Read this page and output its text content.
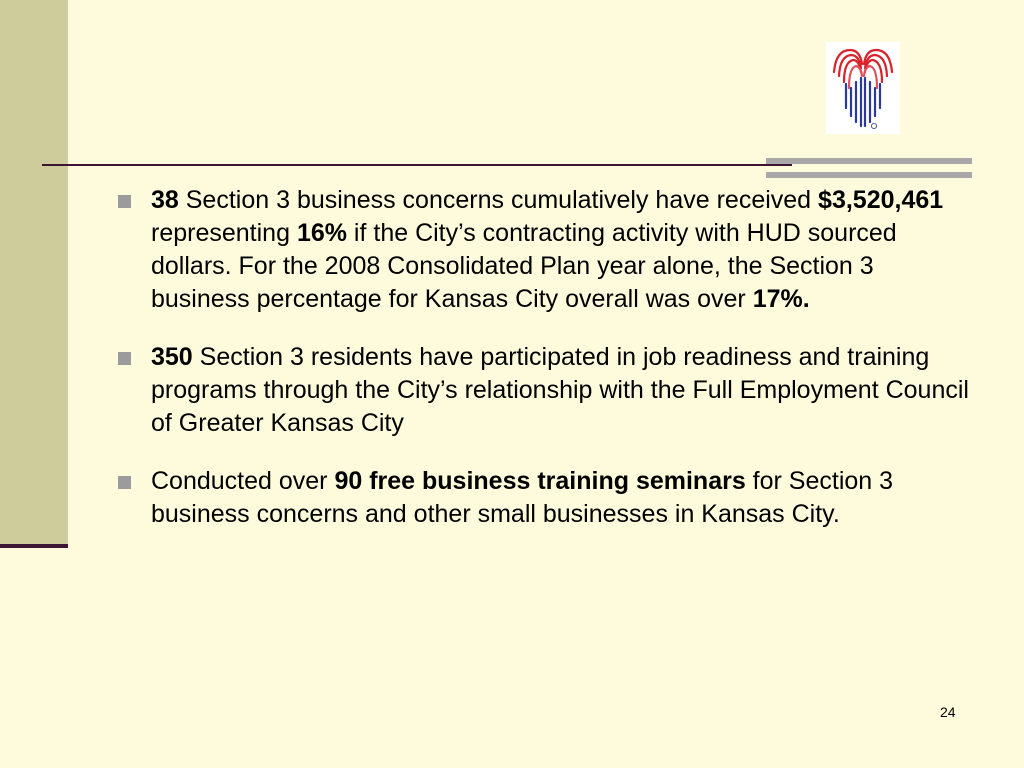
38 Section 3 business concerns cumulatively have received $3,520,461 representing 16% if the City’s contracting activity with HUD sourced dollars. For the 2008 Consolidated Plan year alone, the Section 3 business percentage for Kansas City overall was over 17%.
350 Section 3 residents have participated in job readiness and training programs through the City’s relationship with the Full Employment Council of Greater Kansas City
Conducted over 90 free business training seminars for Section 3 business concerns and other small businesses in Kansas City.
24
